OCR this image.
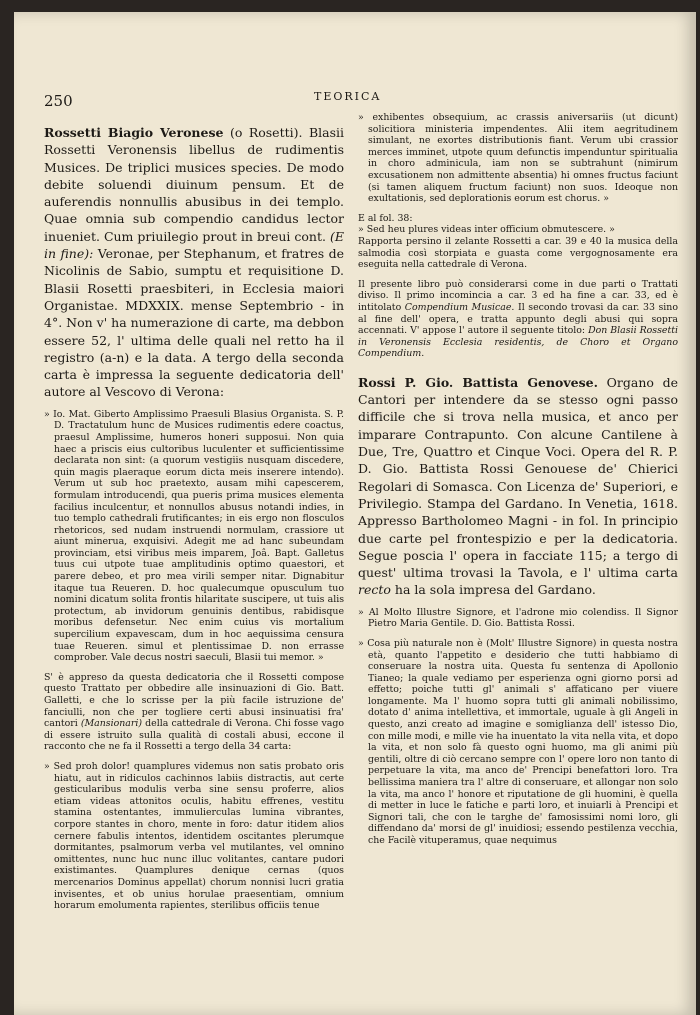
250	TEORICA

Rossetti Biagio Veronese (o Rosetti). Blasii Rossetti Veronensis libellus de rudimentis Musices. De triplici musices species. De modo debite soluendi diuinum pensum. Et de auferendis nonnullis abusibus in dei templo. Quae omnia sub compendio candidus lector inueniet. Cum priuilegio prout in breui cont. (E in fine): Veronae, per Stephanum, et fratres de Nicolinis de Sabio, sumptu et requisitione D. Blasii Rosetti praesbiteri, in Ecclesia maiori Organistae. MDXXIX. mense Septembrio - in 4°. Non v' ha numerazione di carte, ma debbon essere 52, l' ultima delle quali nel retto ha il registro (a-n) e la data. A tergo della seconda carta è impressa la seguente dedicatoria dell' autore al Vescovo di Verona:

» Io. Mat. Giberto Amplissimo Praesuli Blasius Organista. S. P. D. Tractatulum hunc de Musices rudimentis edere coactus, praesul Amplissime, humeros honeri supposui. Non quia haec a priscis eius cultoribus luculenter et sufficientissime declarata non sint: (a quorum vestigiis nusquam discedere, quin magis plaeraque eorum dicta meis inserere intendo). Verum ut sub hoc praetexto, ausam mihi capescerem, formulam introducendi, qua pueris prima musices elementa facilius inculcentur, et nonnullos abusus notandi indies, in tuo templo cathedrali frutificantes; in eis ergo non flosculos rhetoricos, sed nudam instruendi normulam, crassiore ut aiunt minerua, exquisivi. Adegit me ad hanc subeundam provinciam, etsi viribus meis imparem, Joâ. Bapt. Galletus tuus cui utpote tuae amplitudinis optimo quaestori, et parere debeo, et pro mea virili semper nitar. Dignabitur itaque tua Reueren. D. hoc qualecumque opusculum tuo nomini dicatum solita frontis hilaritate suscipere, ut tuis alis protectum, ab invidorum genuinis dentibus, rabidisque moribus defensetur. Nec enim cuius vis mortalium supercilium expavescam, dum in hoc aequissima censura tuae Reueren. simul et plentissimae D. non errasse comprober. Vale decus nostri saeculi, Blasii tui memor. »

S' è appreso da questa dedicatoria che il Rossetti compose questo Trattato per obbedire alle insinuazioni di Gio. Batt. Galletti, e che lo scrisse per la più facile istruzione de' fanciulli, non che per togliere certi abusi insinuatisi fra' cantori (Mansionari) della cattedrale di Verona. Chi fosse vago di essere istruito sulla qualità di costali abusi, eccone il racconto che ne fa il Rossetti a tergo della 34 carta:

» Sed proh dolor! quamplures videmus non satis probato oris hiatu, aut in ridiculos cachinnos labiis distractis, aut certe gesticularibus modulis verba sine sensu proferre, alios etiam videas attonitos oculis, habitu effrenes, vestitu stamina ostentantes, immulierculas lumina vibrantes, corpore stantes in choro, mente in foro: datur itidem alios cernere fabulis intentos, identidem oscitantes plerumque dormitantes, psalmorum verba vel mutilantes, vel omnino omittentes, nunc huc nunc illuc volitantes, cantare pudori existimantes. Quamplures denique cernas (quos mercenarios Dominus appellat) chorum nonnisi lucri gratia invisentes, et ob unius horulae praesentiam, omnium horarum emolumenta rapientes, sterilibus officiis tenue

» exhibentes obsequium, ac crassis aniversariis (ut dicunt) solicitiora ministeria impendentes. Alii item aegritudinem simulant, ne exortes distributionis fiant. Verum ubi crassior merces imminet, utpote quum defunctis impenduntur spiritualia in choro adminicula, iam non se subtrahunt (nimirum excusationem non admittente absentia) hi omnes fructus faciunt (si tamen aliquem fructum faciunt) non suos. Ideoque non exultationis, sed deplorationis eorum est chorus. »

E al fol. 38:

» Sed heu plures videas inter officium obmutescere. »

Rapporta persino il zelante Rossetti a car. 39 e 40 la musica della salmodia così storpiata e guasta come vergognosamente era eseguita nella cattedrale di Verona.

Il presente libro può considerarsi come in due parti o Trattati diviso. Il primo incomincia a car. 3 ed ha fine a car. 33, ed è intitolato Compendium Musicae. Il secondo trovasi da car. 33 sino al fine dell' opera, e tratta appunto degli abusi qui sopra accennati. V' appose l' autore il seguente titolo: Don Blasii Rossetti in Veronensis Ecclesia residentis, de Choro et Organo Compendium.

Rossi P. Gio. Battista Genovese. Organo de Cantori per intendere da se stesso ogni passo difficile che si trova nella musica, et anco per imparare Contrapunto. Con alcune Cantilene à Due, Tre, Quattro et Cinque Voci. Opera del R. P. D. Gio. Battista Rossi Genouese de' Chierici Regolari di Somasca. Con Licenza de' Superiori, e Privilegio. Stampa del Gardano. In Venetia, 1618. Appresso Bartholomeo Magni - in fol. In principio due carte pel frontespizio e per la dedicatoria. Segue poscia l' opera in facciate 115; a tergo di quest' ultima trovasi la Tavola, e l' ultima carta recto ha la sola impresa del Gardano.

» Al Molto Illustre Signore, et l'adrone mio colendiss. Il Signor Pietro Maria Gentile. D. Gio. Battista Rossi.

» Cosa più naturale non è (Molt' Illustre Signore) in questa nostra età, quanto l'appetito e desiderio che tutti habbiamo di conseruare la nostra uita. Questa fu sentenza di Apollonio Tianeo; la quale vediamo per esperienza ogni giorno porsi ad effetto; poiche tutti gl' animali s' affaticano per viuere longamente. Ma l' huomo sopra tutti gli animali nobilissimo, dotato d' anima intellettiva, et immortale, uguale à gli Angeli in questo, anzi creato ad imagine e somiglianza dell' istesso Dio, con mille modi, e mille vie ha inuentato la vita nella vita, et dopo la vita, et non solo fà questo ogni huomo, ma gli animi più gentili, oltre di ciò cercano sempre con l' opere loro non tanto di perpetuare la vita, ma anco de' Prencipi benefattori loro. Tra bellissima maniera tra l' altre di conseruare, et allongar non solo la vita, ma anco l' honore et riputatione de gli huomini, è quella di metter in luce le fatiche e parti loro, et inuiarli à Prencipi et Signori tali, che con le targhe de' famosissimi nomi loro, gli diffendano da' morsi de gl' inuidiosi; essendo pestilenza vecchia, che Facilè vituperamus, quae nequimus
